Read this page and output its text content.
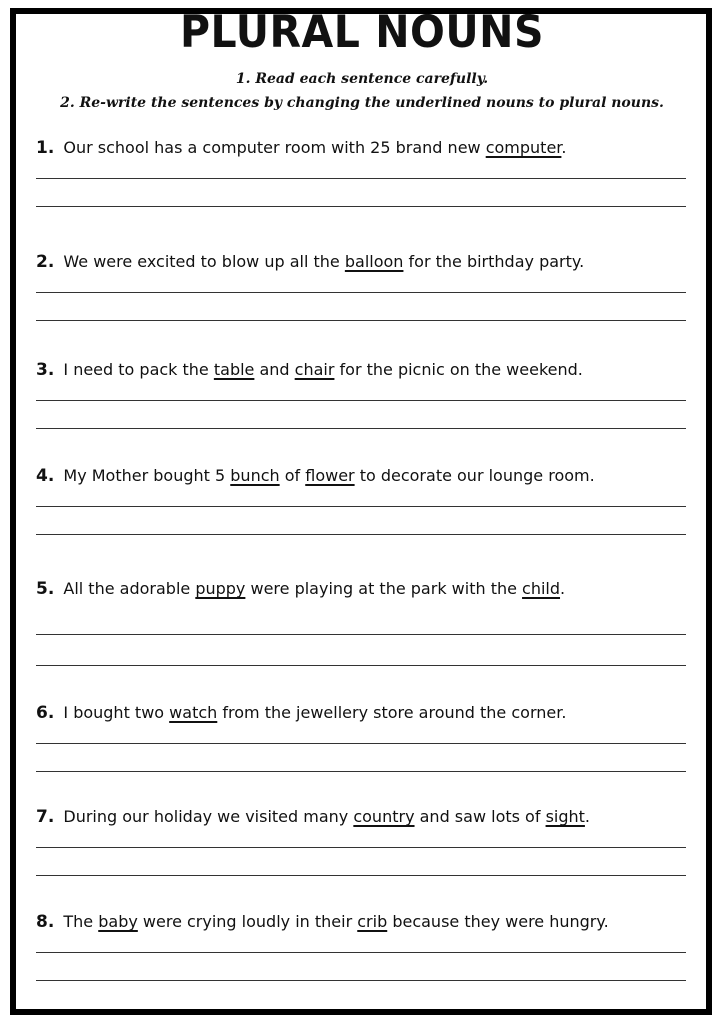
PLURAL NOUNS

1. Read each sentence carefully.

2. Re-write the sentences by changing the underlined nouns to plural nouns.

1. Our school has a computer room with 25 brand new computer.

2. We were excited to blow up all the balloon for the birthday party.

3. I need to pack the table and chair for the picnic on the weekend.

4. My Mother bought 5 bunch of flower to decorate our lounge room.

5. All the adorable puppy were playing at the park with the child.

6. I bought two watch from the jewellery store around the corner.

7. During our holiday we visited many country and saw lots of sight.

8. The baby were crying loudly in their crib because they were hungry.
